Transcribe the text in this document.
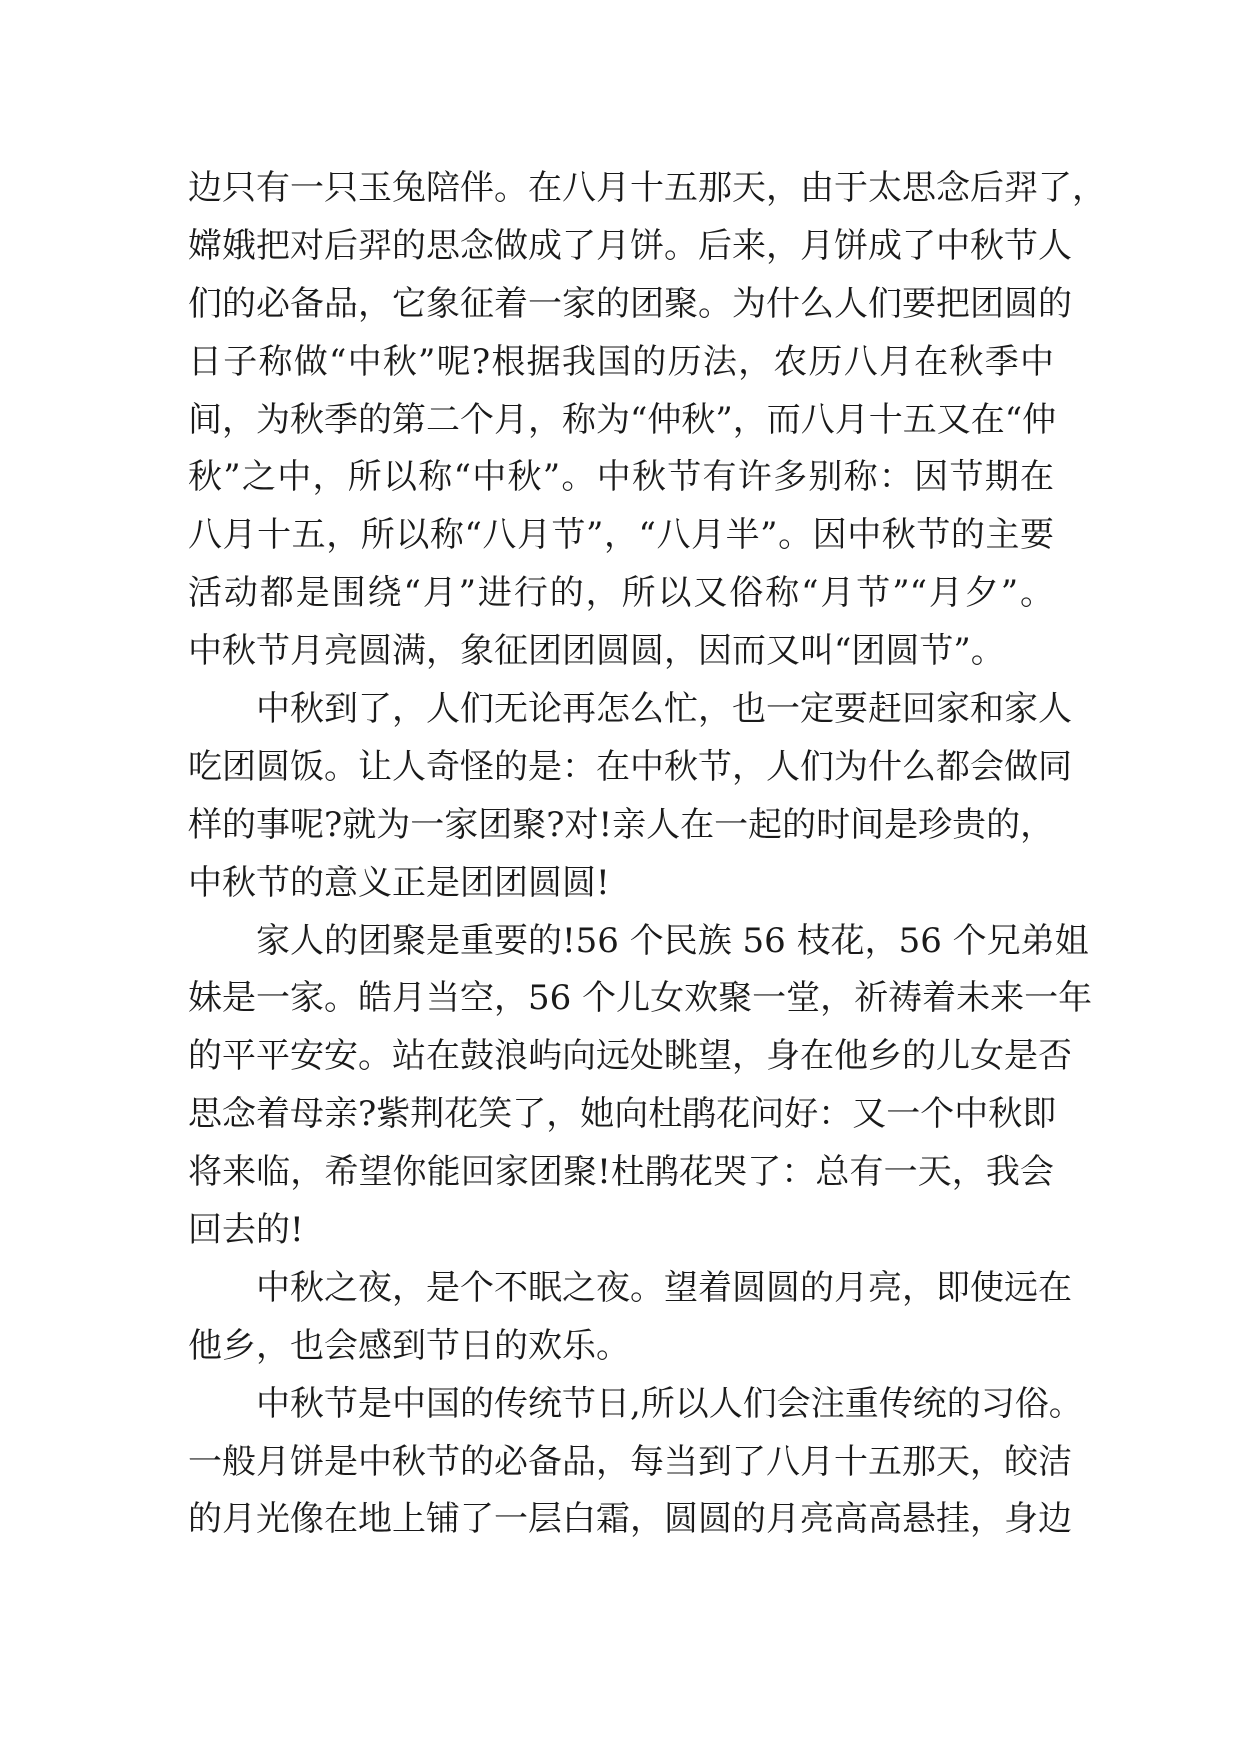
边只有一只玉兔陪伴。在八月十五那天，由于太思念后羿了，
嫦娥把对后羿的思念做成了月饼。后来，月饼成了中秋节人
们的必备品，它象征着一家的团聚。为什么人们要把团圆的
日子称做“中秋”呢?根据我国的历法，农历八月在秋季中
间，为秋季的第二个月，称为“仲秋”，而八月十五又在“仲
秋”之中，所以称“中秋”。中秋节有许多别称：因节期在
八月十五，所以称“八月节”，“八月半”。因中秋节的主要
活动都是围绕“月”进行的，所以又俗称“月节”“月夕”。
中秋节月亮圆满，象征团团圆圆，因而又叫“团圆节”。
中秋到了，人们无论再怎么忙，也一定要赶回家和家人
吃团圆饭。让人奇怪的是：在中秋节，人们为什么都会做同
样的事呢?就为一家团聚?对!亲人在一起的时间是珍贵的，
中秋节的意义正是团团圆圆!
家人的团聚是重要的!56 个民族 56 枝花，56 个兄弟姐
妹是一家。皓月当空，56 个儿女欢聚一堂，祈祷着未来一年
的平平安安。站在鼓浪屿向远处眺望，身在他乡的儿女是否
思念着母亲?紫荆花笑了，她向杜鹃花问好：又一个中秋即
将来临，希望你能回家团聚!杜鹃花哭了：总有一天，我会
回去的!
中秋之夜，是个不眠之夜。望着圆圆的月亮，即使远在
他乡，也会感到节日的欢乐。
中秋节是中国的传统节日,所以人们会注重传统的习俗。
一般月饼是中秋节的必备品，每当到了八月十五那天，皎洁
的月光像在地上铺了一层白霜，圆圆的月亮高高悬挂，身边
